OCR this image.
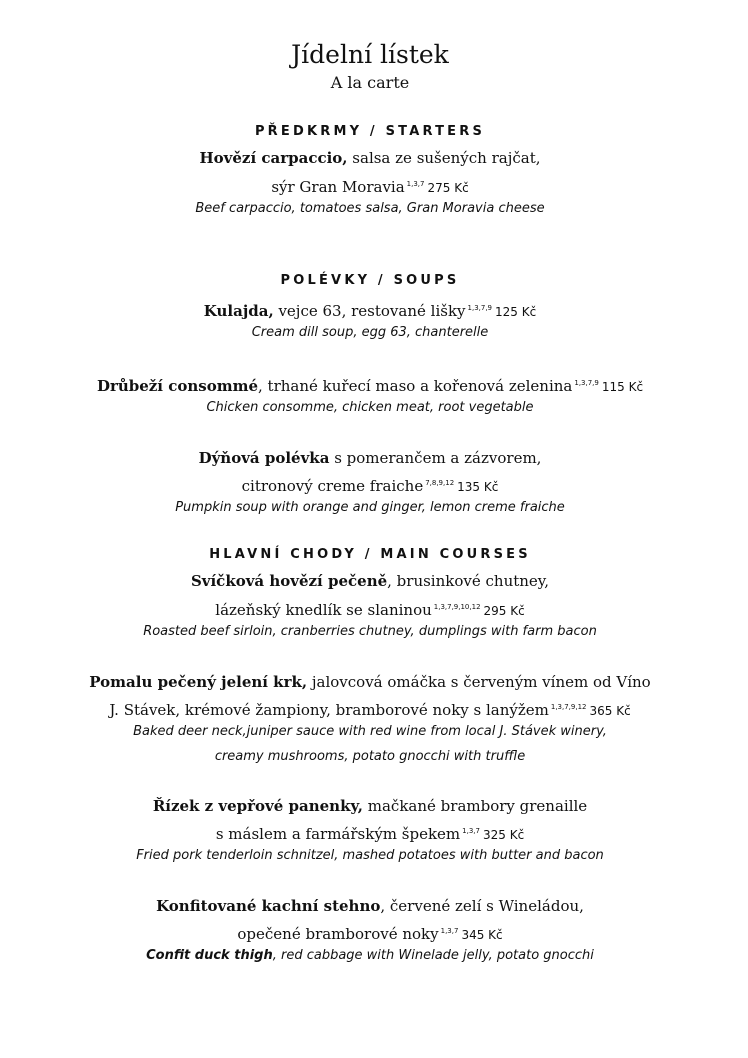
Jídelní lístek
A la carte
PŘEDKRMY / STARTERS
Hovězí carpaccio, salsa ze sušených rajčat,
sýr Gran Moravia $^{1,3,7}$ 275 Kč
Beef carpaccio, tomatoes salsa, Gran Moravia cheese
POLÉVKY / SOUPS
Kulajda, vejce 63, restované lišky $^{1,3,7,9}$ 125 Kč
Cream dill soup, egg 63, chanterelle
Drůbeží consommé, trhané kuřecí maso a kořenová zelenina $^{1,3,7,9}$ 115 Kč
Chicken consomme, chicken meat, root vegetable
Dýňová polévka s pomerančem a zázvorem,
citronový creme fraiche $^{7,8,9,12}$ 135 Kč
Pumpkin soup with orange and ginger, lemon creme fraiche
HLAVNÍ CHODY / MAIN COURSES
Svíčková hovězí pečeně, brusinkové chutney,
lázeňský knedlík se slaninou $^{1,3,7,9,10,12}$ 295 Kč
Roasted beef sirloin, cranberries chutney, dumplings with farm bacon
Pomalu pečený jelení krk, jalovcová omáčka s červeným vínem od Víno
J. Stávek, krémové žampiony, bramborové noky s lanýžem $^{1,3,7,9,12}$ 365 Kč
Baked deer neck,juniper sauce with red wine from local J. Stávek winery,
creamy mushrooms, potato gnocchi with truffle
Řízek z vepřové panenky, mačkané brambory grenaille
s máslem a farmářským špekem $^{1,3,7}$ 325 Kč
Fried pork tenderloin schnitzel, mashed potatoes with butter and bacon
Konfitované kachní stehno, červené zelí s Wineládou,
opečené bramborové noky $^{1,3,7}$ 345 Kč
Confit duck thigh, red cabbage with Winelade jelly, potato gnocchi
